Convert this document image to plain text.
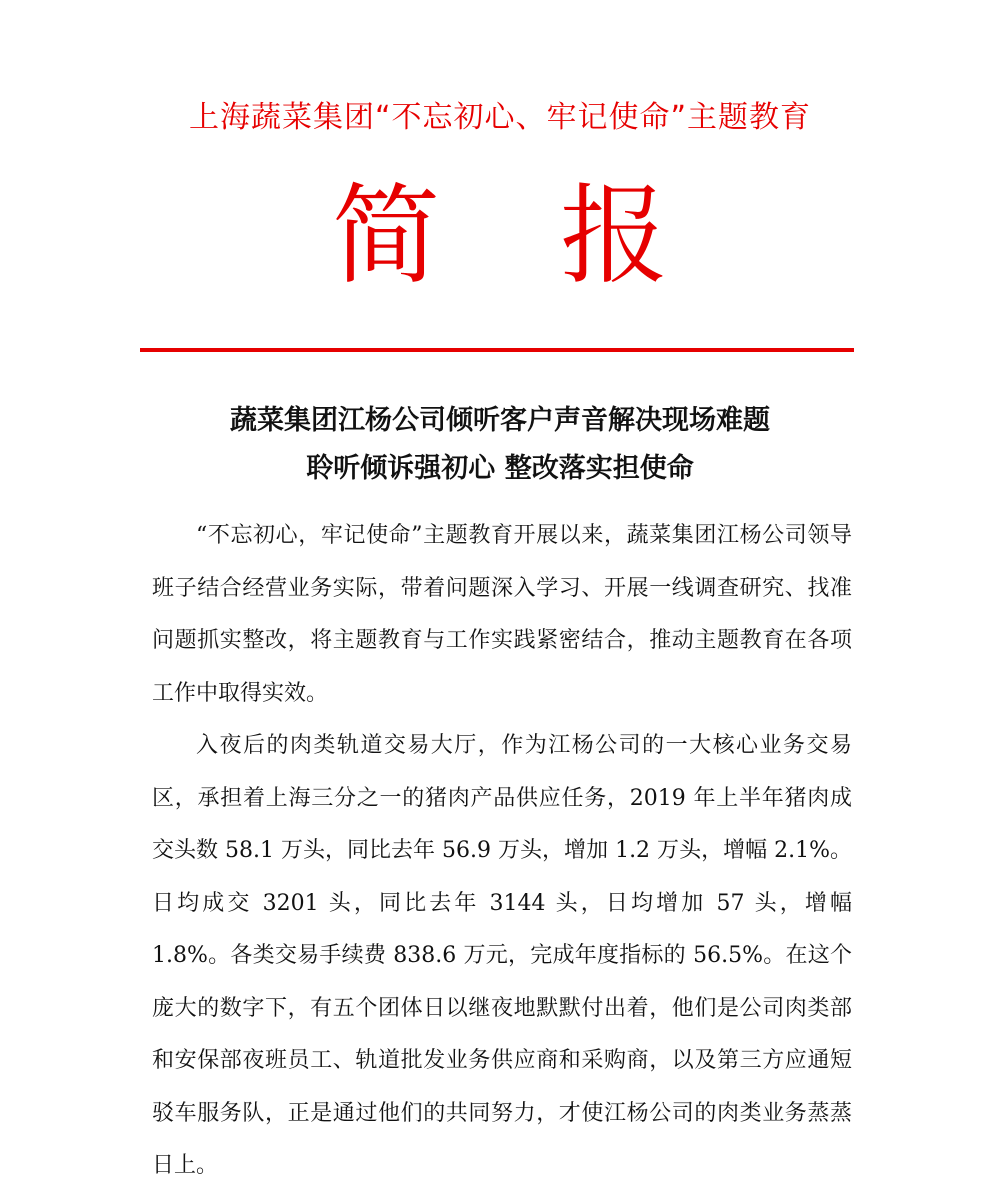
上海蔬菜集团“不忘初心、牢记使命”主题教育
简 报
蔬菜集团江杨公司倾听客户声音解决现场难题
聆听倾诉强初心 整改落实担使命

“不忘初心，牢记使命”主题教育开展以来，蔬菜集团江杨公司领导班子结合经营业务实际，带着问题深入学习、开展一线调查研究、找准问题抓实整改，将主题教育与工作实践紧密结合，推动主题教育在各项工作中取得实效。

入夜后的肉类轨道交易大厅，作为江杨公司的一大核心业务交易区，承担着上海三分之一的猪肉产品供应任务，2019 年上半年猪肉成交头数 58.1 万头，同比去年 56.9 万头，增加 1.2 万头，增幅 2.1%。日均成交 3201 头，同比去年 3144 头，日均增加 57 头，增幅 1.8%。各类交易手续费 838.6 万元，完成年度指标的 56.5%。在这个庞大的数字下，有五个团体日以继夜地默默付出着，他们是公司肉类部和安保部夜班员工、轨道批发业务供应商和采购商，以及第三方应通短驳车服务队，正是通过他们的共同努力，才使江杨公司的肉类业务蒸蒸日上。
